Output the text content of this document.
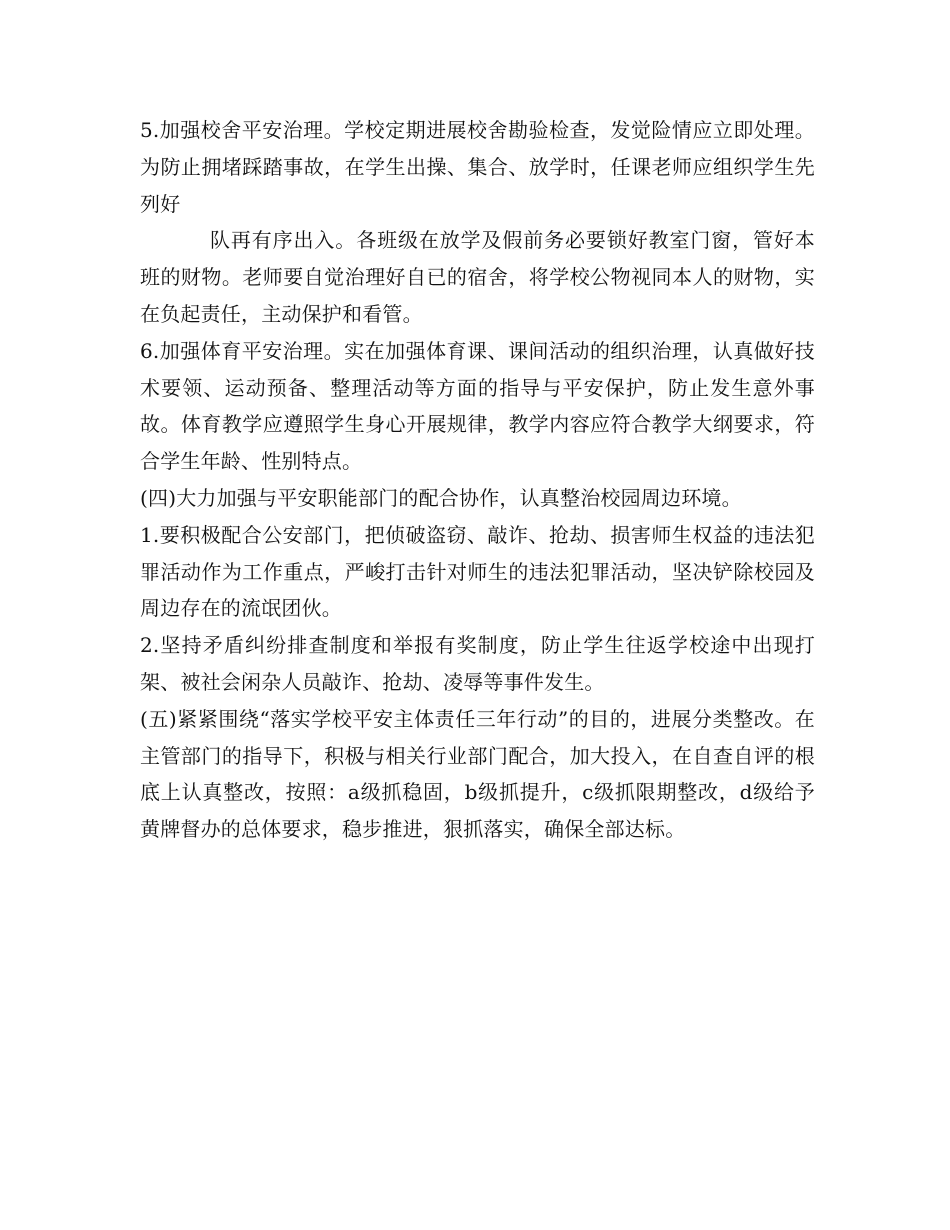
5.加强校舍平安治理。学校定期进展校舍勘验检查，发觉险情应立即处理。为防止拥堵踩踏事故，在学生出操、集合、放学时，任课老师应组织学生先列好

队再有序出入。各班级在放学及假前务必要锁好教室门窗，管好本班的财物。老师要自觉治理好自已的宿舍，将学校公物视同本人的财物，实在负起责任，主动保护和看管。

6.加强体育平安治理。实在加强体育课、课间活动的组织治理，认真做好技术要领、运动预备、整理活动等方面的指导与平安保护，防止发生意外事故。体育教学应遵照学生身心开展规律，教学内容应符合教学大纲要求，符合学生年龄、性别特点。

(四)大力加强与平安职能部门的配合协作，认真整治校园周边环境。

1.要积极配合公安部门，把侦破盗窃、敲诈、抢劫、损害师生权益的违法犯罪活动作为工作重点，严峻打击针对师生的违法犯罪活动，坚决铲除校园及周边存在的流氓团伙。

2.坚持矛盾纠纷排查制度和举报有奖制度，防止学生往返学校途中出现打架、被社会闲杂人员敲诈、抢劫、凌辱等事件发生。

(五)紧紧围绕“落实学校平安主体责任三年行动”的目的，进展分类整改。在主管部门的指导下，积极与相关行业部门配合，加大投入，在自查自评的根底上认真整改，按照：a级抓稳固，b级抓提升，c级抓限期整改，d级给予黄牌督办的总体要求，稳步推进，狠抓落实，确保全部达标。
